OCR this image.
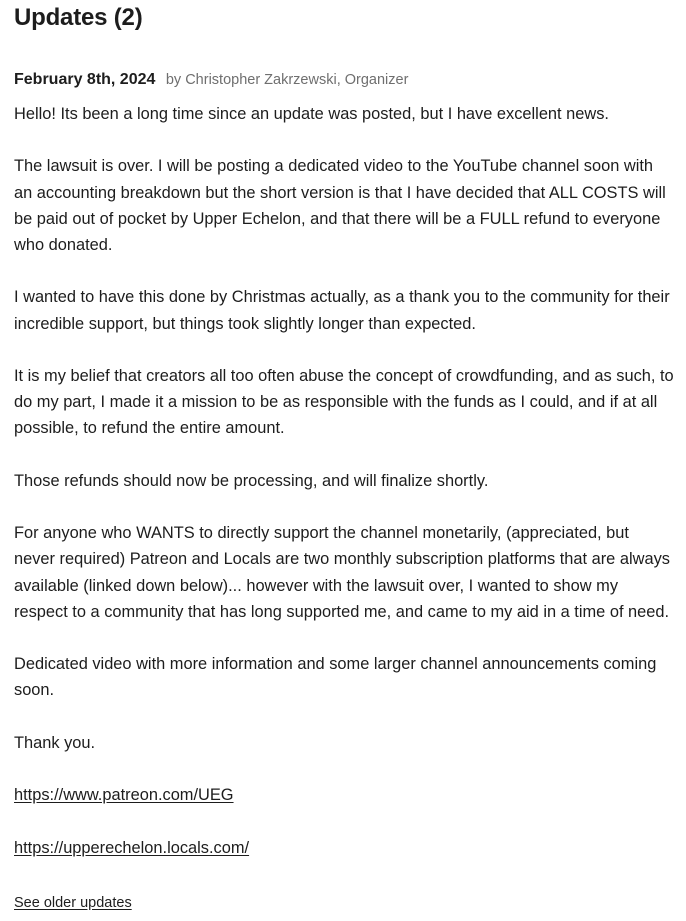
Updates (2)
February 8th, 2024 by Christopher Zakrzewski, Organizer

Hello! Its been a long time since an update was posted, but I have excellent news.

The lawsuit is over. I will be posting a dedicated video to the YouTube channel soon with an accounting breakdown but the short version is that I have decided that ALL COSTS will be paid out of pocket by Upper Echelon, and that there will be a FULL refund to everyone who donated.

I wanted to have this done by Christmas actually, as a thank you to the community for their incredible support, but things took slightly longer than expected.

It is my belief that creators all too often abuse the concept of crowdfunding, and as such, to do my part, I made it a mission to be as responsible with the funds as I could, and if at all possible, to refund the entire amount.

Those refunds should now be processing, and will finalize shortly.

For anyone who WANTS to directly support the channel monetarily, (appreciated, but never required) Patreon and Locals are two monthly subscription platforms that are always available (linked down below)... however with the lawsuit over, I wanted to show my respect to a community that has long supported me, and came to my aid in a time of need.

Dedicated video with more information and some larger channel announcements coming soon.

Thank you.

https://www.patreon.com/UEG

https://upperechelon.locals.com/

See older updates
